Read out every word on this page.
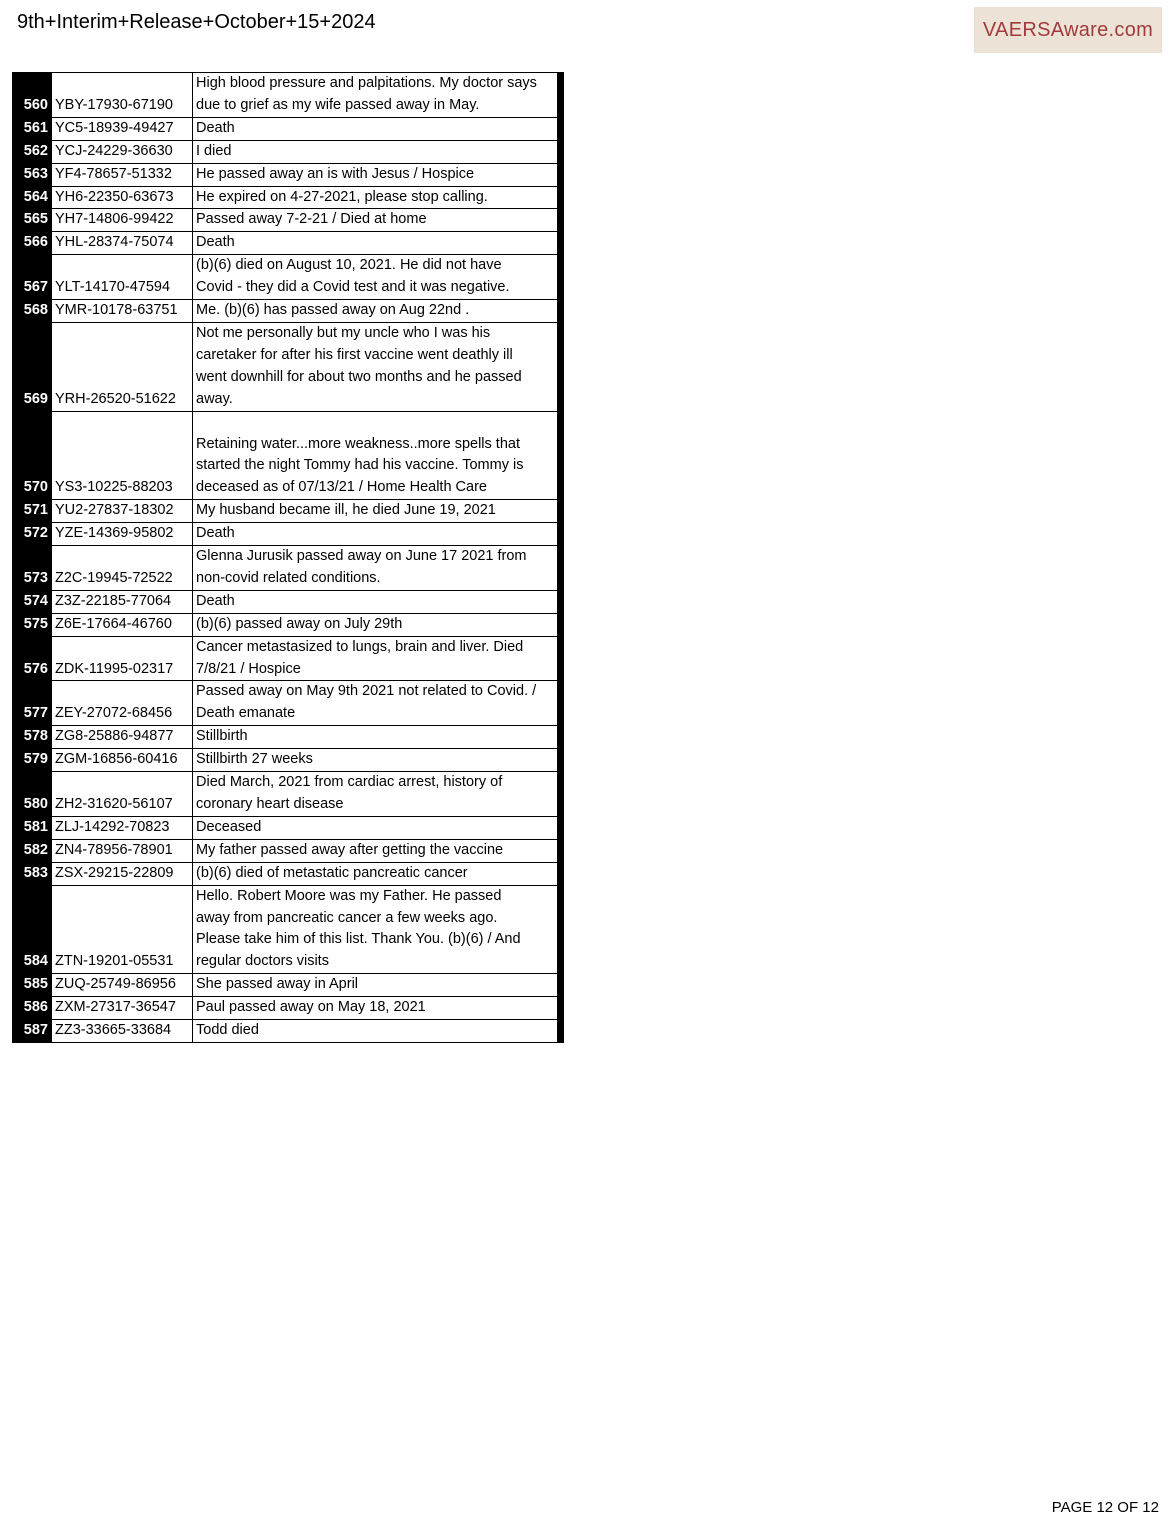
9th+Interim+Release+October+15+2024	VAERSAware.com
560	YBY-17930-67190	High blood pressure and palpitations. My doctor says
due to grief as my wife passed away in May.

561	YC5-18939-49427	Death

562	YCJ-24229-36630	I died

563	YF4-78657-51332	He passed away an is with Jesus / Hospice

564	YH6-22350-63673	He expired on 4-27-2021, please stop calling.

565	YH7-14806-99422	Passed away 7-2-21 / Died at home

566	YHL-28374-75074	Death

567	YLT-14170-47594	(b)(6) died on August 10, 2021. He did not have
Covid - they did a Covid test and it was negative.

568	YMR-10178-63751	Me. (b)(6) has passed away on Aug 22nd .

569	YRH-26520-51622	Not me personally but my uncle who I was his
caretaker for after his first vaccine went deathly ill
went downhill for about two months and he passed
away.

570	YS3-10225-88203	Retaining water...more weakness..more spells that
started the night Tommy had his vaccine. Tommy is
deceased as of 07/13/21 / Home Health Care

571	YU2-27837-18302	My husband became ill, he died June 19, 2021

572	YZE-14369-95802	Death

573	Z2C-19945-72522	Glenna Jurusik passed away on June 17 2021 from
non-covid related conditions.

574	Z3Z-22185-77064	Death

575	Z6E-17664-46760	(b)(6) passed away on July 29th

576	ZDK-11995-02317	Cancer metastasized to lungs, brain and liver. Died
7/8/21 / Hospice

577	ZEY-27072-68456	Passed away on May 9th 2021 not related to Covid. /
Death emanate

578	ZG8-25886-94877	Stillbirth

579	ZGM-16856-60416	Stillbirth 27 weeks

580	ZH2-31620-56107	Died March, 2021 from cardiac arrest, history of
coronary heart disease

581	ZLJ-14292-70823	Deceased

582	ZN4-78956-78901	My father passed away after getting the vaccine

583	ZSX-29215-22809	(b)(6) died of metastatic pancreatic cancer

584	ZTN-19201-05531	Hello. Robert Moore was my Father. He passed
away from pancreatic cancer a few weeks ago.
Please take him of this list. Thank You. (b)(6) / And
regular doctors visits

585	ZUQ-25749-86956	She passed away in April

586	ZXM-27317-36547	Paul passed away on May 18, 2021

587	ZZ3-33665-33684	Todd died
PAGE 12 OF 12
